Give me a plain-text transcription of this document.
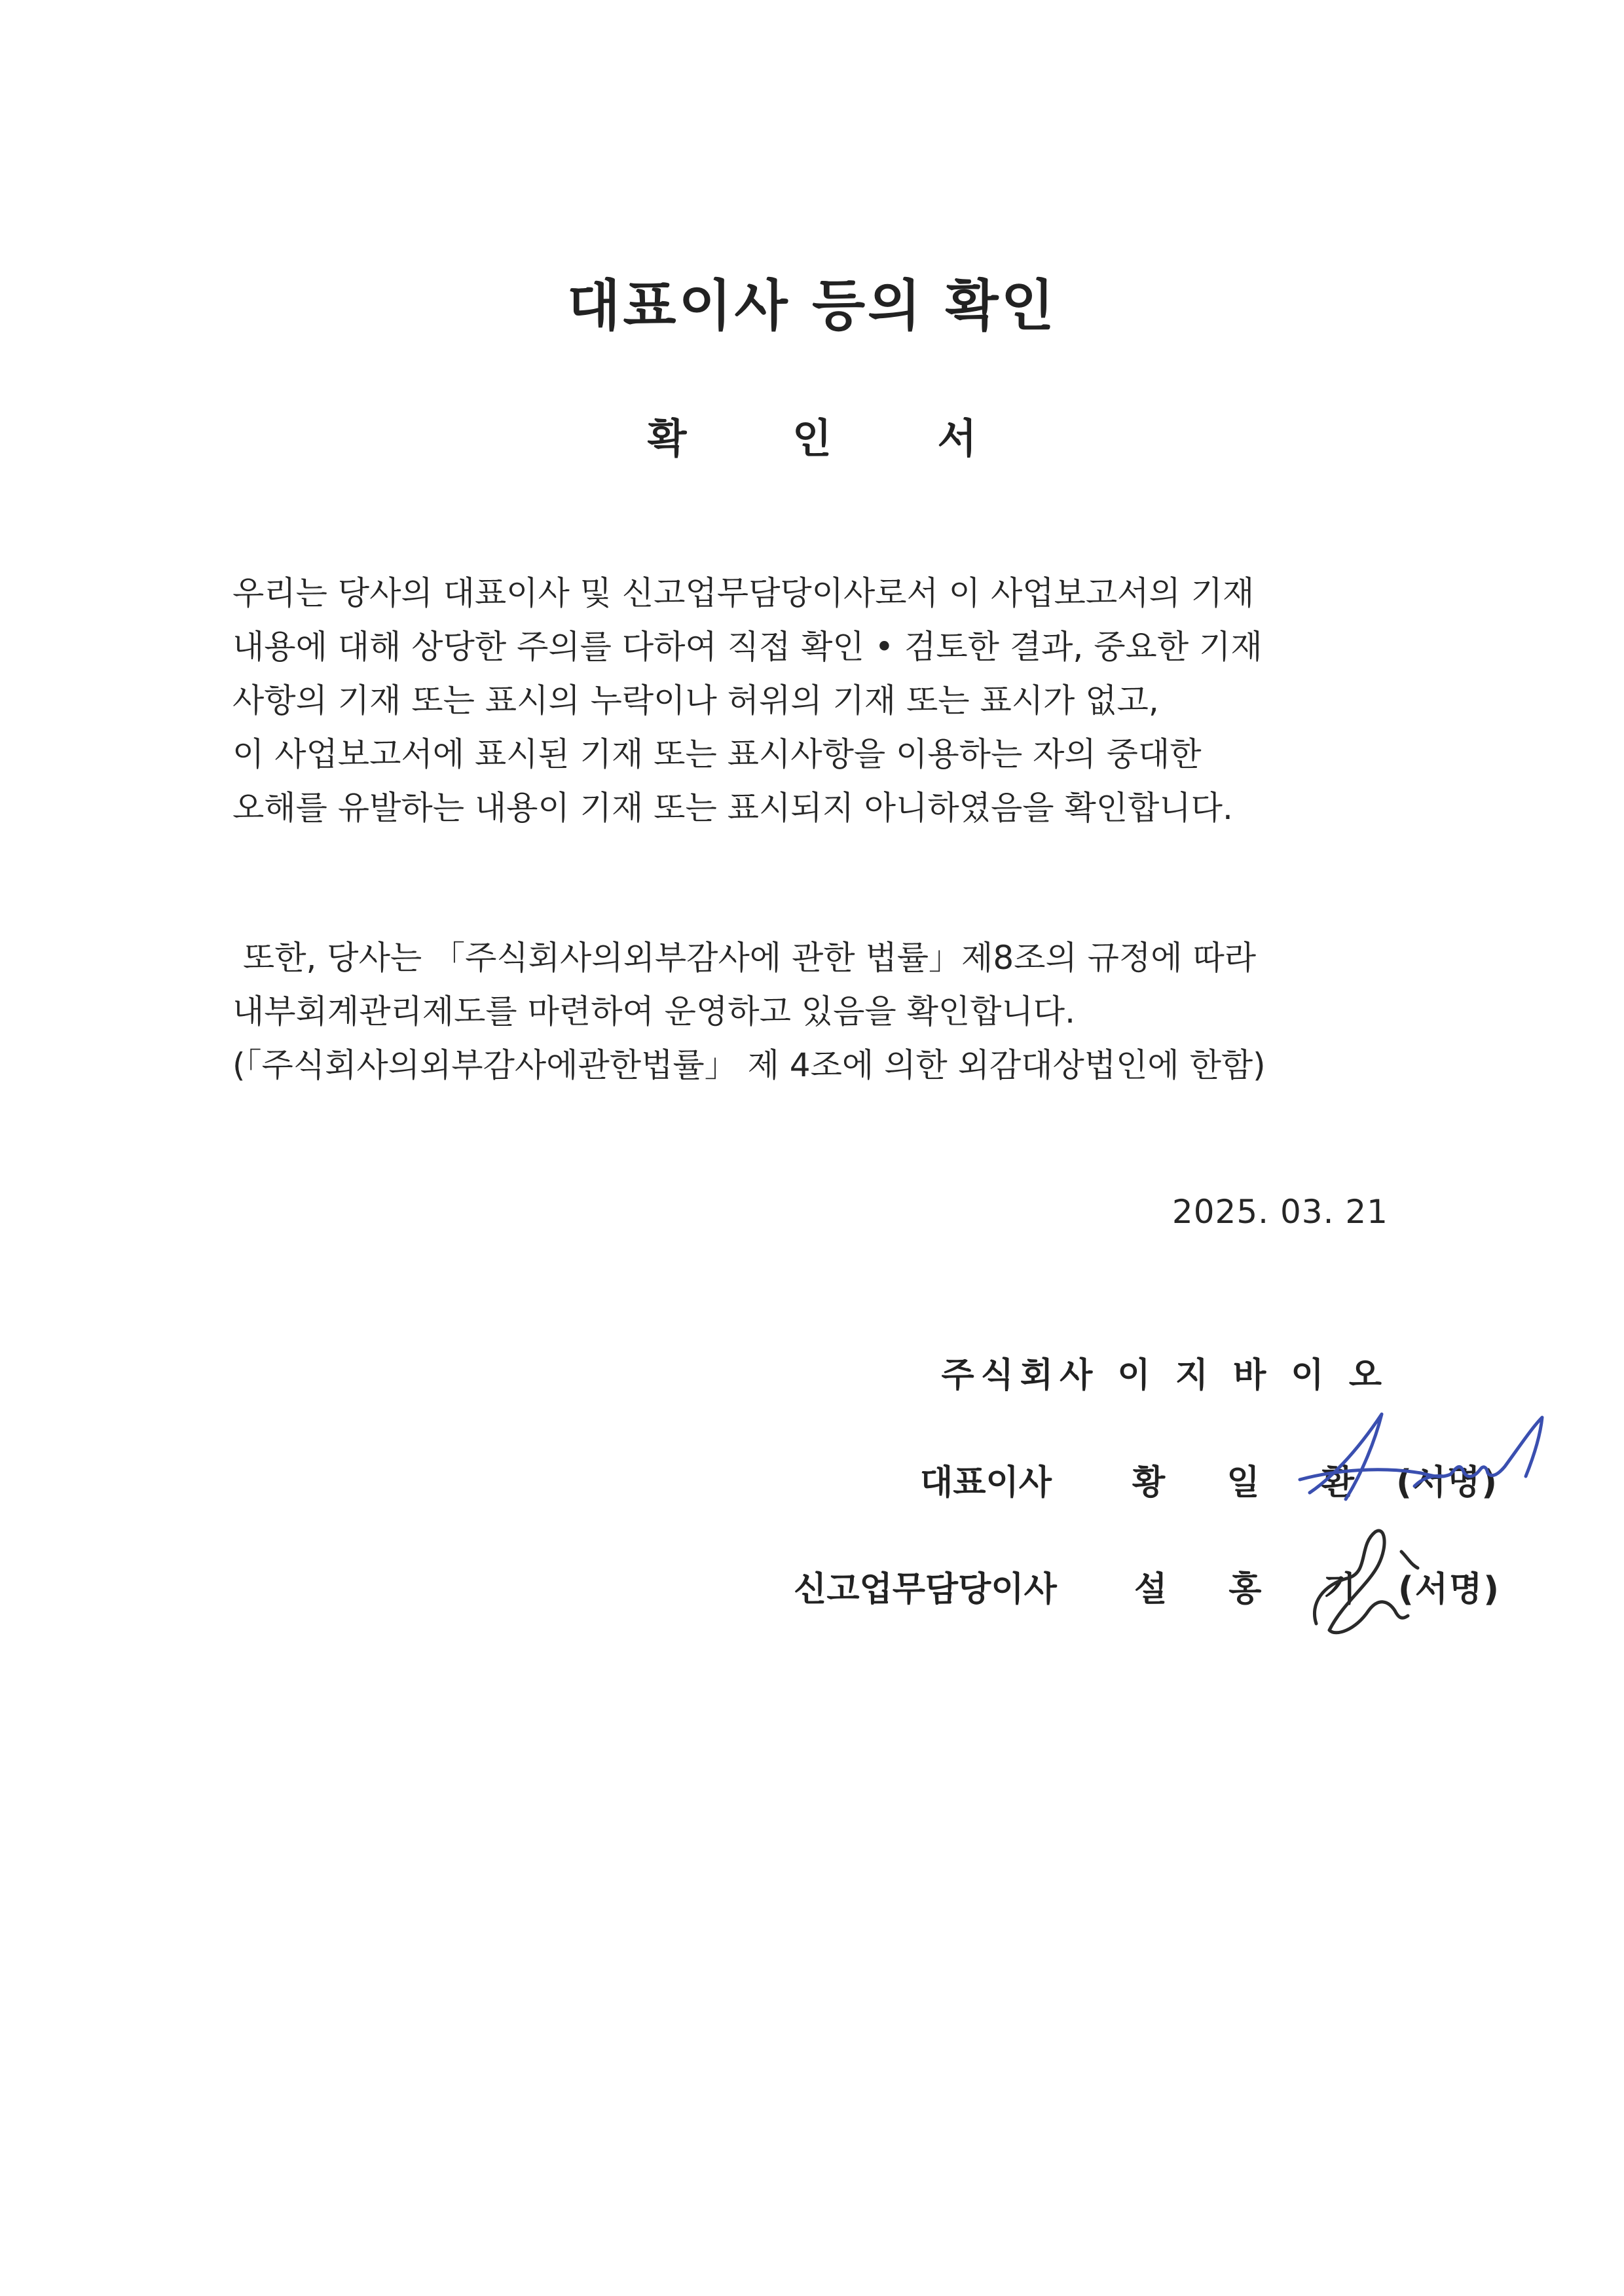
대표이사 등의 확인
확 인 서
우리는 당사의 대표이사 및 신고업무담당이사로서 이 사업보고서의 기재
내용에 대해 상당한 주의를 다하여 직접 확인 • 검토한 결과, 중요한 기재
사항의 기재 또는 표시의 누락이나 허위의 기재 또는 표시가 없고,
이 사업보고서에 표시된 기재 또는 표시사항을 이용하는 자의 중대한
오해를 유발하는 내용이 기재 또는 표시되지 아니하였음을 확인합니다.
또한, 당사는 「주식회사의외부감사에 관한 법률」제8조의 규정에 따라
내부회계관리제도를 마련하여 운영하고 있음을 확인합니다.
(「주식회사의외부감사에관한법률」 제 4조에 의한 외감대상법인에 한함)
2025. 03. 21
주식회사 이 지 바 이 오
대표이사 황 일 환 (서명)
신고업무담당이사 설 홍 기 (서명)
